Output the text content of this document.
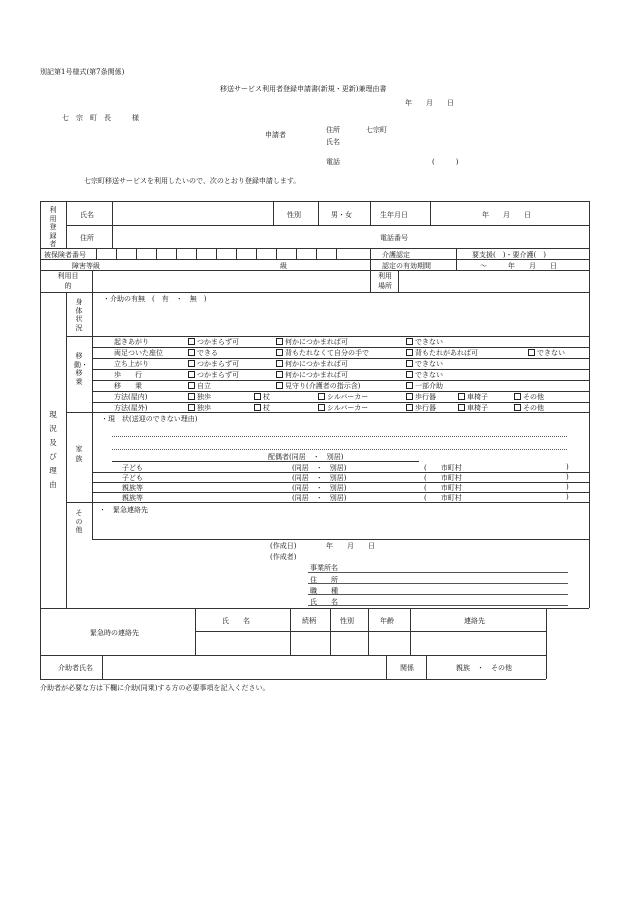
別記第1号様式(第7条関係)
移送サービス利用者登録申請書(新規・更新)兼理由書
年　　月　　日
七　宗　町　長　　　様
申請者
住所	七宗町
氏名
電話	(　　　)
七宗町移送サービスを利用したいので、次のとおり登録申請します。
利用登録者
氏名	性別	男・女	生年月日	年　　月　　日
住所	電話番号
被保険者番号	介護認定	要支援(　)・要介護(　)
障害等級	級	認定の有効期間	〜　　　年　　月　　日
利用目的
利用場所
現況及び理由
身体状況
・介助の有無　(　有　・　無　)
移動・移乗
起きあがり	つかまらず可	何かにつかまれば可	できない
両足ついた座位	できる	背もたれなくて自分の手で	背もたれがあれば可	できない
立ち上がり	つかまらず可	何かにつかまれば可	できない
歩　　行	つかまらず可	何かにつかまれば可	できない
移　　乗	自立	見守り(介護者の指示含)	一部介助
方法(屋内)	独歩	杖	シルバーカー	歩行器	車椅子	その他
方法(屋外)	独歩	杖	シルバーカー	歩行器	車椅子	その他
家族
・現　状(送迎のできない理由)
配偶者(同居　・　別居)
子ども	(同居　・　別居)	(　　市町村	)
子ども	(同居　・　別居)	(　　市町村	)
親族等	(同居　・　別居)	(　　市町村	)
親族等	(同居　・　別居)	(　　市町村	)
その他
・　緊急連絡先
(作成日)	年　　月　　日
(作成者)
事業所名
住　　所
職　　種
氏　　名
緊急時の連絡先
氏　　名	続柄	性別	年齢	連絡先
介助者氏名	関係	親族　・　その他
介助者が必要な方は下欄に介助(同乗)する方の必要事項を記入ください。
